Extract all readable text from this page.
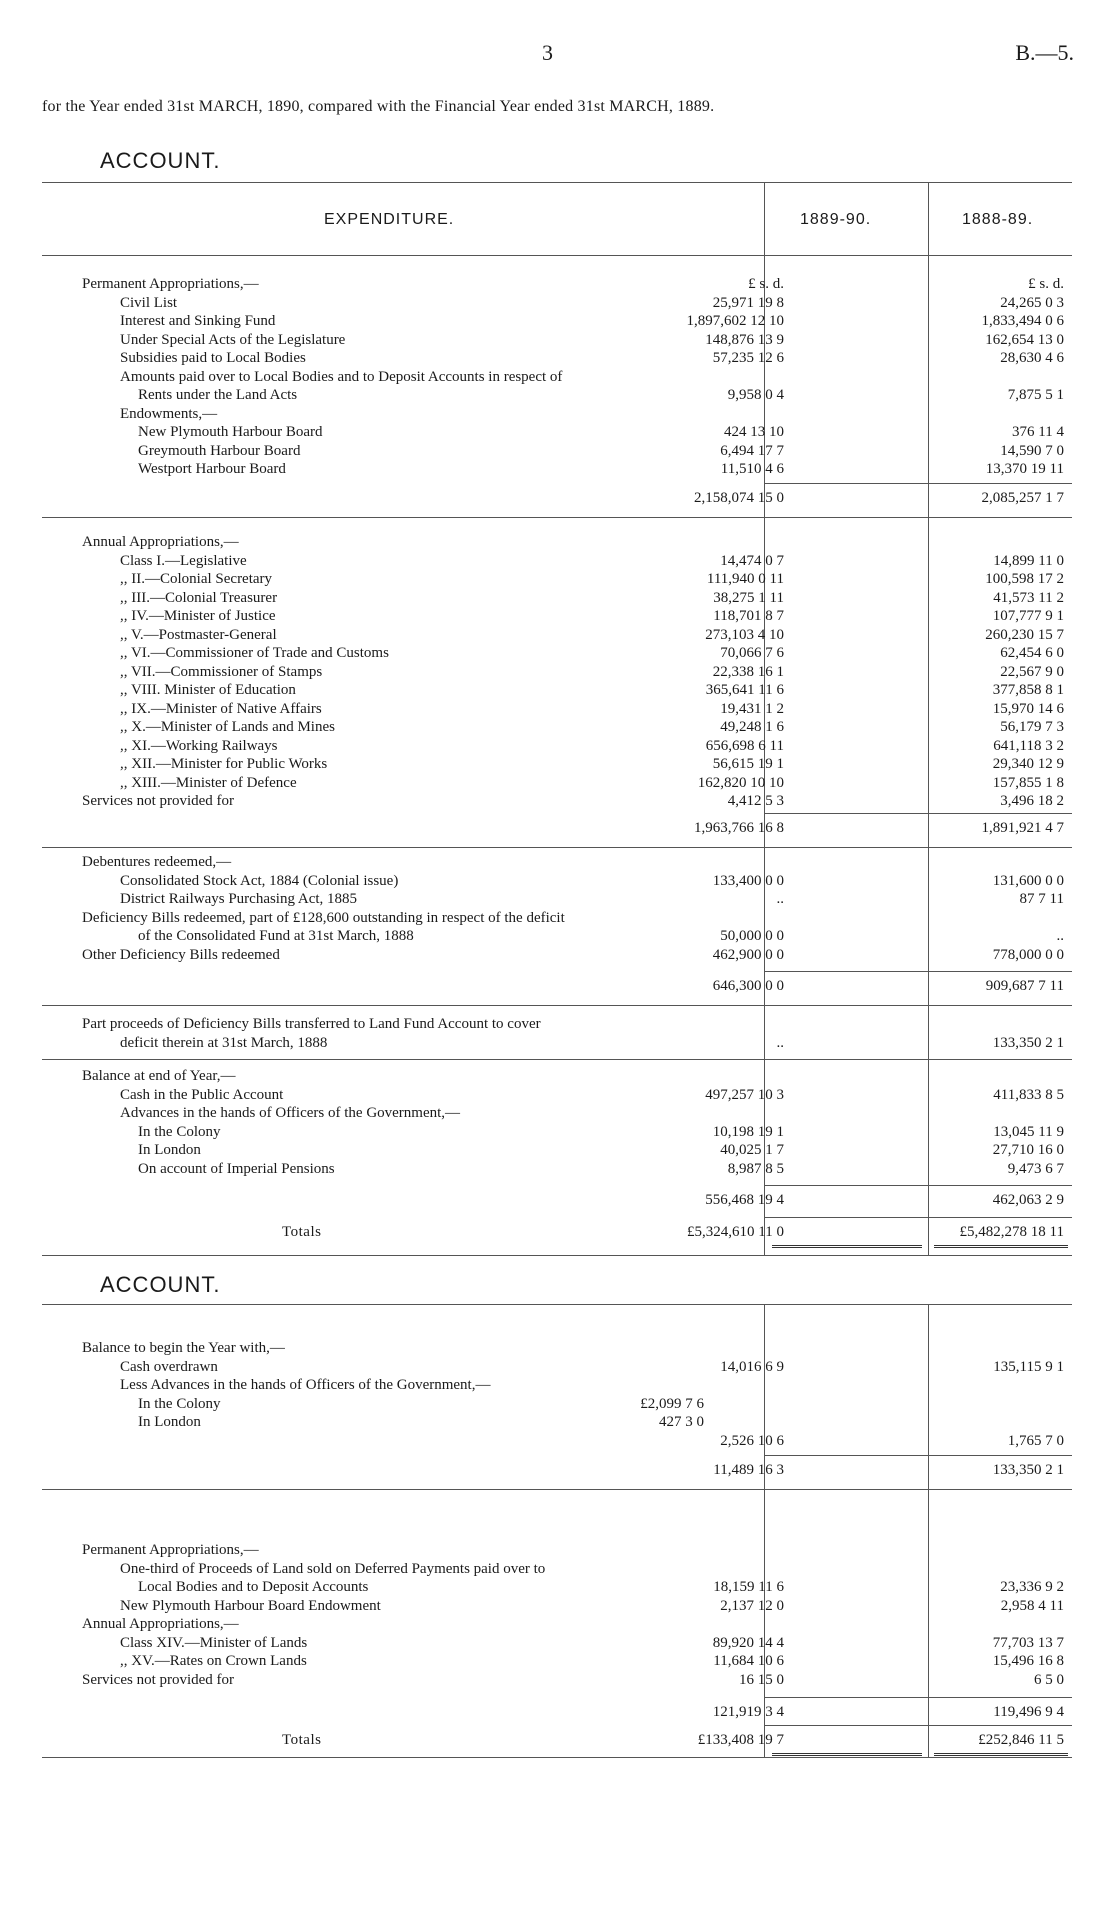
3	B.—5.
for the Year ended 31st MARCH, 1890, compared with the Financial Year ended 31st MARCH, 1889.
ACCOUNT.
EXPENDITURE.	1889-90.	1888-89.
Permanent Appropriations,—	£ s. d.	£ s. d.
Civil List	25,971 19 8	24,265 0 3
Interest and Sinking Fund	1,897,602 12 10	1,833,494 0 6
Under Special Acts of the Legislature	148,876 13 9	162,654 13 0
Subsidies paid to Local Bodies	57,235 12 6	28,630 4 6
Amounts paid over to Local Bodies and to Deposit Accounts in respect of
Rents under the Land Acts	9,958 0 4	7,875 5 1
Endowments,—
New Plymouth Harbour Board	424 13 10	376 11 4
Greymouth Harbour Board	6,494 17 7	14,590 7 0
Westport Harbour Board	11,510 4 6	13,370 19 11
2,158,074 15 0	2,085,257 1 7
Annual Appropriations,—
Class I.—Legislative	14,474 0 7	14,899 11 0
,, II.—Colonial Secretary	111,940 0 11	100,598 17 2
,, III.—Colonial Treasurer	38,275 1 11	41,573 11 2
,, IV.—Minister of Justice	118,701 8 7	107,777 9 1
,, V.—Postmaster-General	273,103 4 10	260,230 15 7
,, VI.—Commissioner of Trade and Customs	70,066 7 6	62,454 6 0
,, VII.—Commissioner of Stamps	22,338 16 1	22,567 9 0
,, VIII. Minister of Education	365,641 11 6	377,858 8 1
,, IX.—Minister of Native Affairs	19,431 1 2	15,970 14 6
,, X.—Minister of Lands and Mines	49,248 1 6	56,179 7 3
,, XI.—Working Railways	656,698 6 11	641,118 3 2
,, XII.—Minister for Public Works	56,615 19 1	29,340 12 9
,, XIII.—Minister of Defence	162,820 10 10	157,855 1 8
Services not provided for	4,412 5 3	3,496 18 2
1,963,766 16 8	1,891,921 4 7
Debentures redeemed,—
Consolidated Stock Act, 1884 (Colonial issue)	133,400 0 0	131,600 0 0
District Railways Purchasing Act, 1885	..	87 7 11
Deficiency Bills redeemed, part of £128,600 outstanding in respect of the deficit
of the Consolidated Fund at 31st March, 1888	50,000 0 0	..
Other Deficiency Bills redeemed	462,900 0 0	778,000 0 0
646,300 0 0	909,687 7 11
Part proceeds of Deficiency Bills transferred to Land Fund Account to cover
deficit therein at 31st March, 1888	..	133,350 2 1
Balance at end of Year,—
Cash in the Public Account	497,257 10 3	411,833 8 5
Advances in the hands of Officers of the Government,—
In the Colony	10,198 19 1	13,045 11 9
In London	40,025 1 7	27,710 16 0
On account of Imperial Pensions	8,987 8 5	9,473 6 7
556,468 19 4	462,063 2 9
Totals	£5,324,610 11 0	£5,482,278 18 11
ACCOUNT.
Balance to begin the Year with,—
Cash overdrawn	14,016 6 9	135,115 9 1
Less Advances in the hands of Officers of the Government,—
In the Colony	£2,099 7 6
In London	427 3 0
2,526 10 6	1,765 7 0
11,489 16 3	133,350 2 1
Permanent Appropriations,—
One-third of Proceeds of Land sold on Deferred Payments paid over to
Local Bodies and to Deposit Accounts	18,159 11 6	23,336 9 2
New Plymouth Harbour Board Endowment	2,137 12 0	2,958 4 11
Annual Appropriations,—
Class XIV.—Minister of Lands	89,920 14 4	77,703 13 7
,, XV.—Rates on Crown Lands	11,684 10 6	15,496 16 8
Services not provided for	16 15 0	6 5 0
121,919 3 4	119,496 9 4
Totals	£133,408 19 7	£252,846 11 5
